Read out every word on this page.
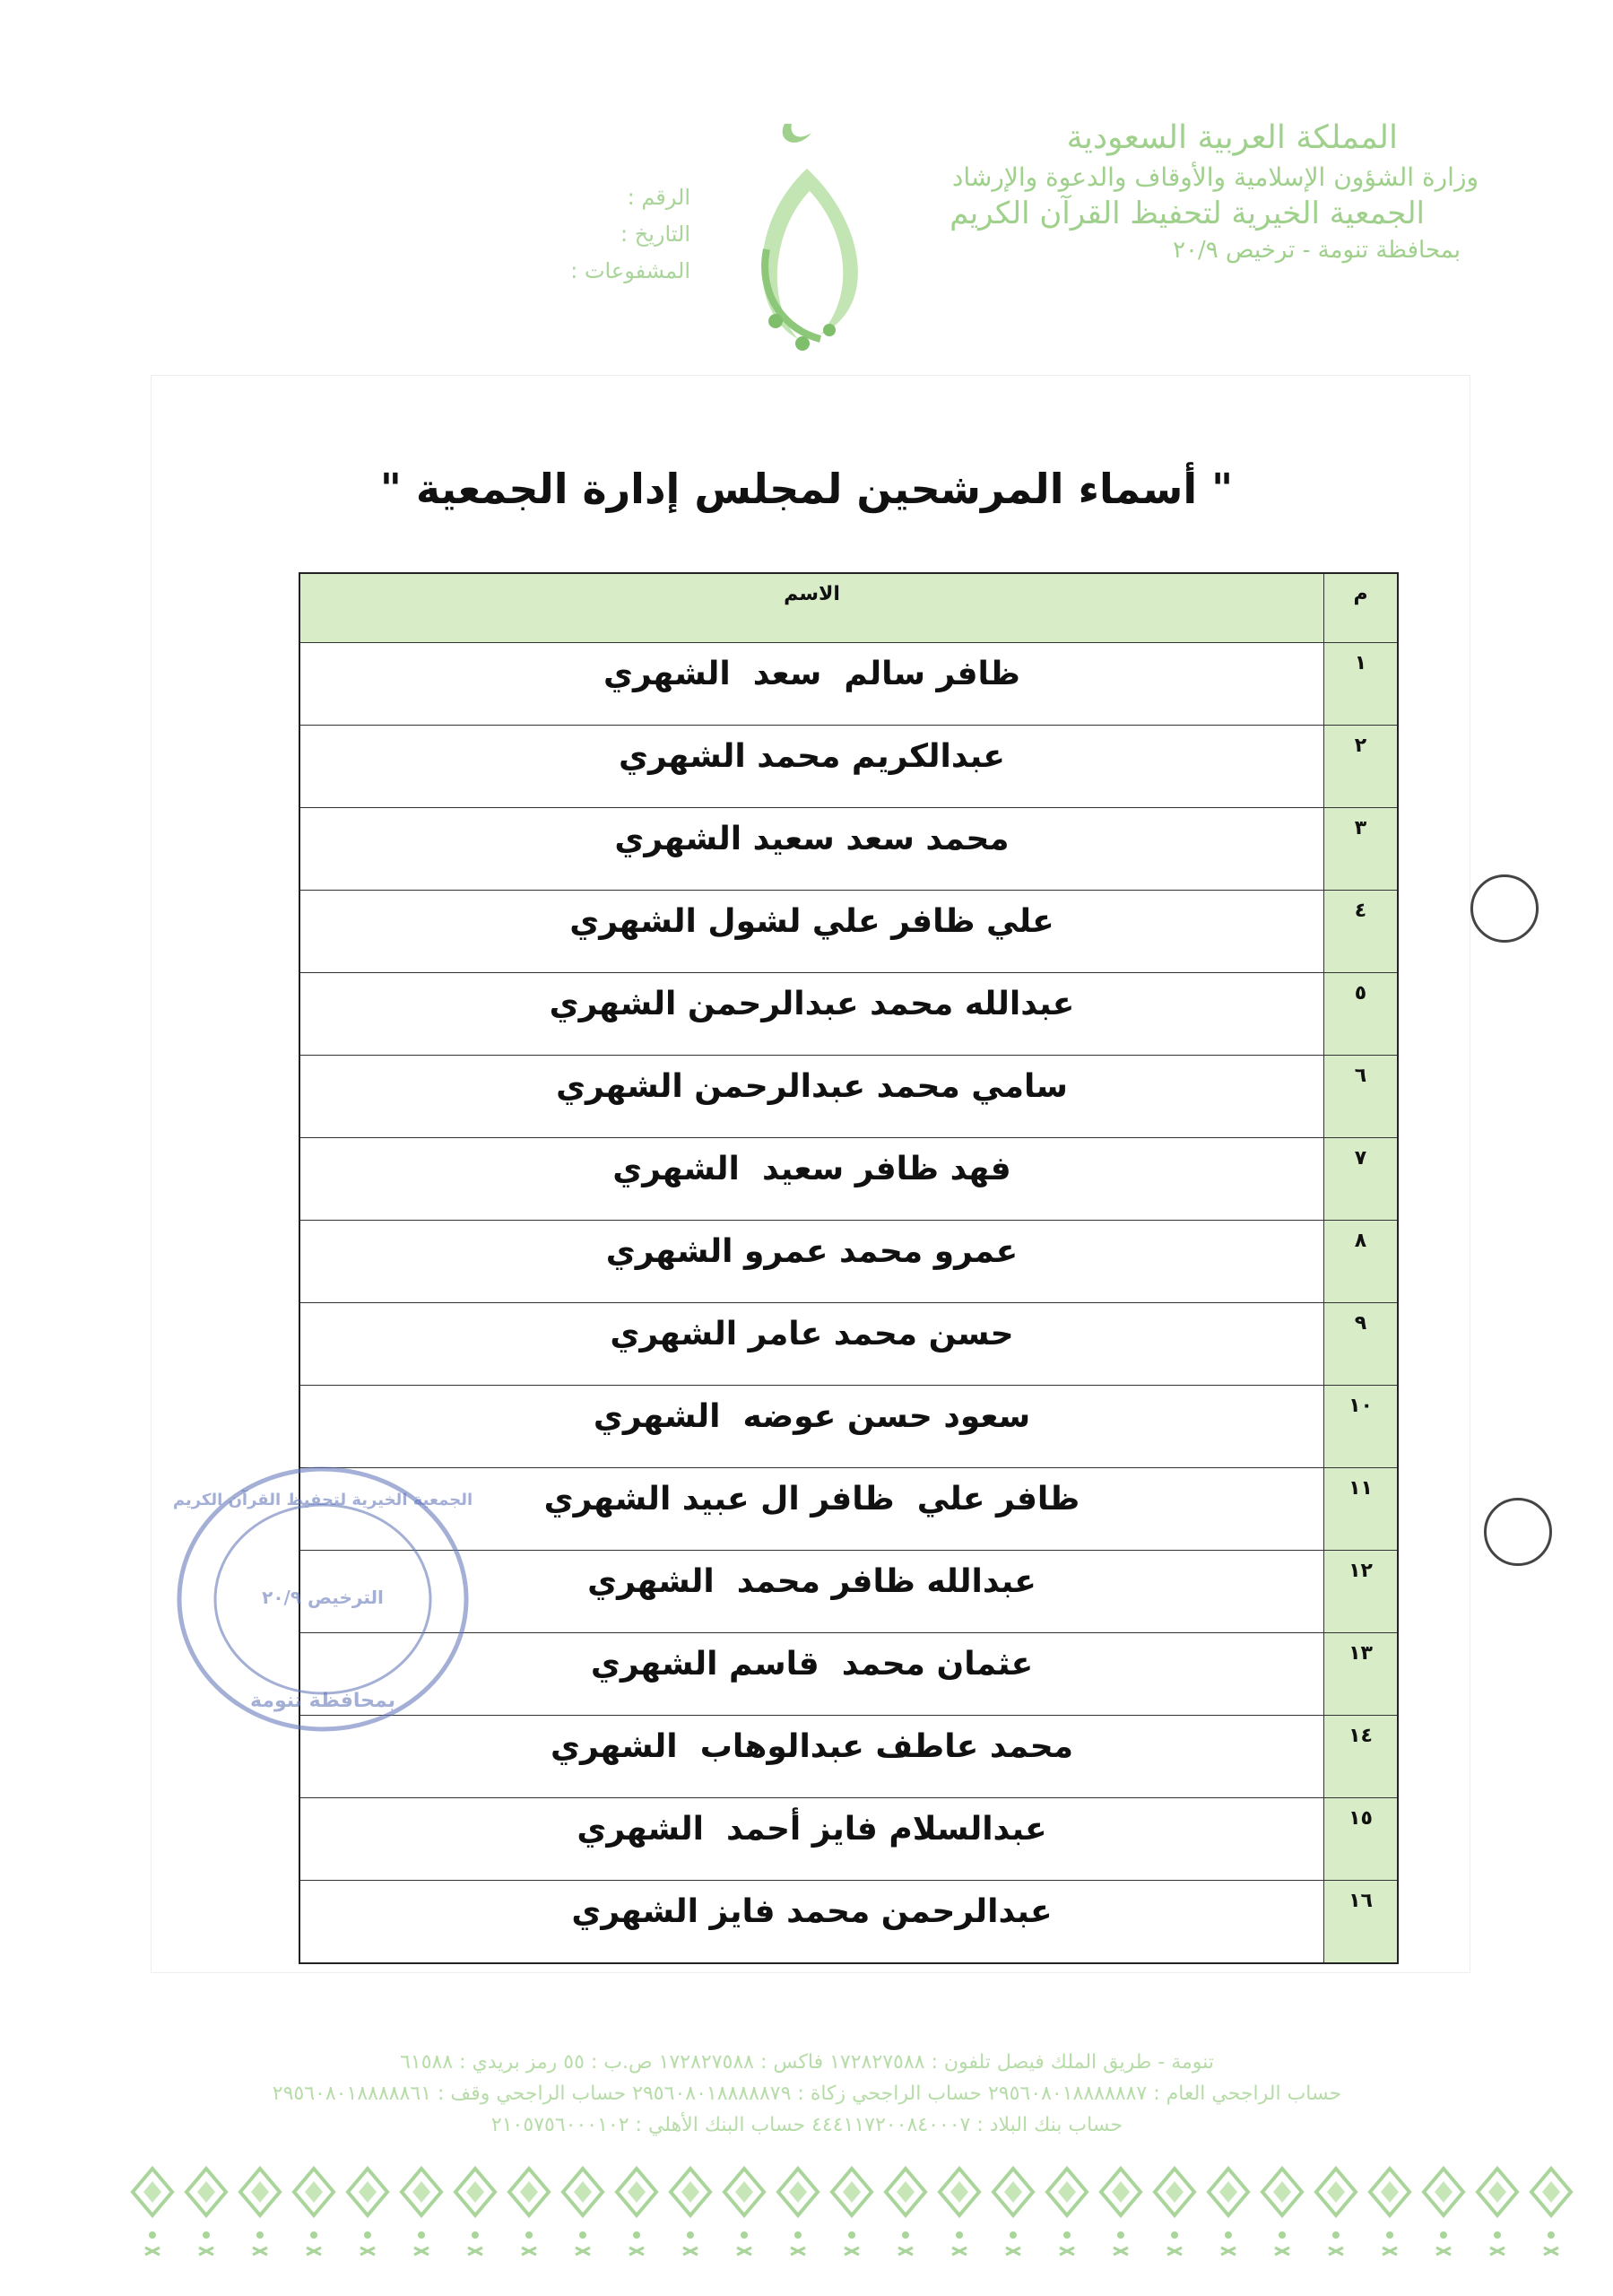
المملكة العربية السعودية
وزارة الشؤون الإسلامية والأوقاف والدعوة والإرشاد
الجمعية الخيرية لتحفيظ القرآن الكريم
بمحافظة تنومة - ترخيص ٢٠/٩
الرقم :
التاريخ :
المشفوعات :
" أسماء المرشحين لمجلس إدارة الجمعية "
م
الاسم
١
ظافر سالم  سعد  الشهري
٢
عبدالكريم محمد الشهري
٣
محمد سعد سعيد الشهري
٤
علي ظافر علي لشول الشهري
٥
عبدالله محمد عبدالرحمن الشهري
٦
سامي محمد عبدالرحمن الشهري
٧
فهد ظافر سعيد  الشهري
٨
عمرو محمد عمرو الشهري
٩
حسن محمد عامر الشهري
١٠
سعود حسن عوضه  الشهري
١١
ظافر علي  ظافر ال عبيد الشهري
١٢
عبدالله ظافر محمد  الشهري
١٣
عثمان محمد  قاسم الشهري
١٤
محمد عاطف عبدالوهاب  الشهري
١٥
عبدالسلام فايز أحمد  الشهري
١٦
عبدالرحمن محمد فايز الشهري
الجمعية الخيرية لتحفيظ القرآن الكريم
الترخيص ٢٠/٩
بمحافظة تنومة
تنومة - طريق الملك فيصل تلفون : ١٧٢٨٢٧٥٨٨ فاكس : ١٧٢٨٢٧٥٨٨ ص.ب : ٥٥ رمز بريدي : ٦١٥٨٨
حساب الراجحي العام : ٢٩٥٦٠٨٠١٨٨٨٨٨٨٧ حساب الراجحي زكاة : ٢٩٥٦٠٨٠١٨٨٨٨٨٧٩ حساب الراجحي وقف : ٢٩٥٦٠٨٠١٨٨٨٨٨٦١
حساب بنك البلاد : ٤٤٤١١٧٢٠٠٨٤٠٠٠٧ حساب البنك الأهلي : ٢١٠٥٧٥٦٠٠٠١٠٢
